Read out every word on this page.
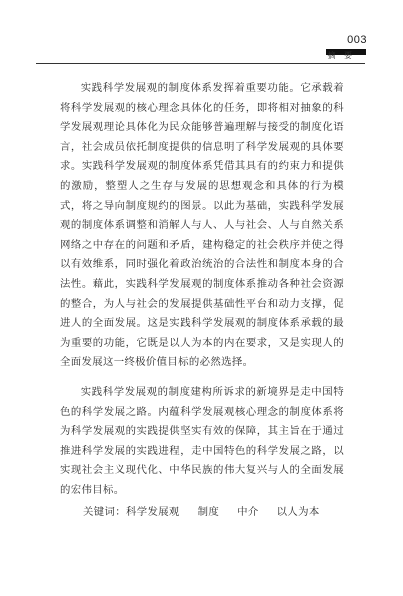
003
摘 要

实践科学发展观的制度体系发挥着重要功能。它承载着将科学发展观的核心理念具体化的任务，即将相对抽象的科学发展观理论具体化为民众能够普遍理解与接受的制度化语言，社会成员依托制度提供的信息明了科学发展观的具体要求。实践科学发展观的制度体系凭借其具有的约束力和提供的激励，整塑人之生存与发展的思想观念和具体的行为模式，将之导向制度规约的图景。以此为基础，实践科学发展观的制度体系调整和消解人与人、人与社会、人与自然关系网络之中存在的问题和矛盾，建构稳定的社会秩序并使之得以有效维系，同时强化着政治统治的合法性和制度本身的合法性。藉此，实践科学发展观的制度体系推动各种社会资源的整合，为人与社会的发展提供基础性平台和动力支撑，促进人的全面发展。这是实践科学发展观的制度体系承载的最为重要的功能，它既是以人为本的内在要求，又是实现人的全面发展这一终极价值目标的必然选择。

实践科学发展观的制度建构所诉求的新境界是走中国特色的科学发展之路。内蕴科学发展观核心理念的制度体系将为科学发展观的实践提供坚实有效的保障，其主旨在于通过推进科学发展的实践进程，走中国特色的科学发展之路，以实现社会主义现代化、中华民族的伟大复兴与人的全面发展的宏伟目标。

关键词：科学发展观 制度 中介 以人为本
